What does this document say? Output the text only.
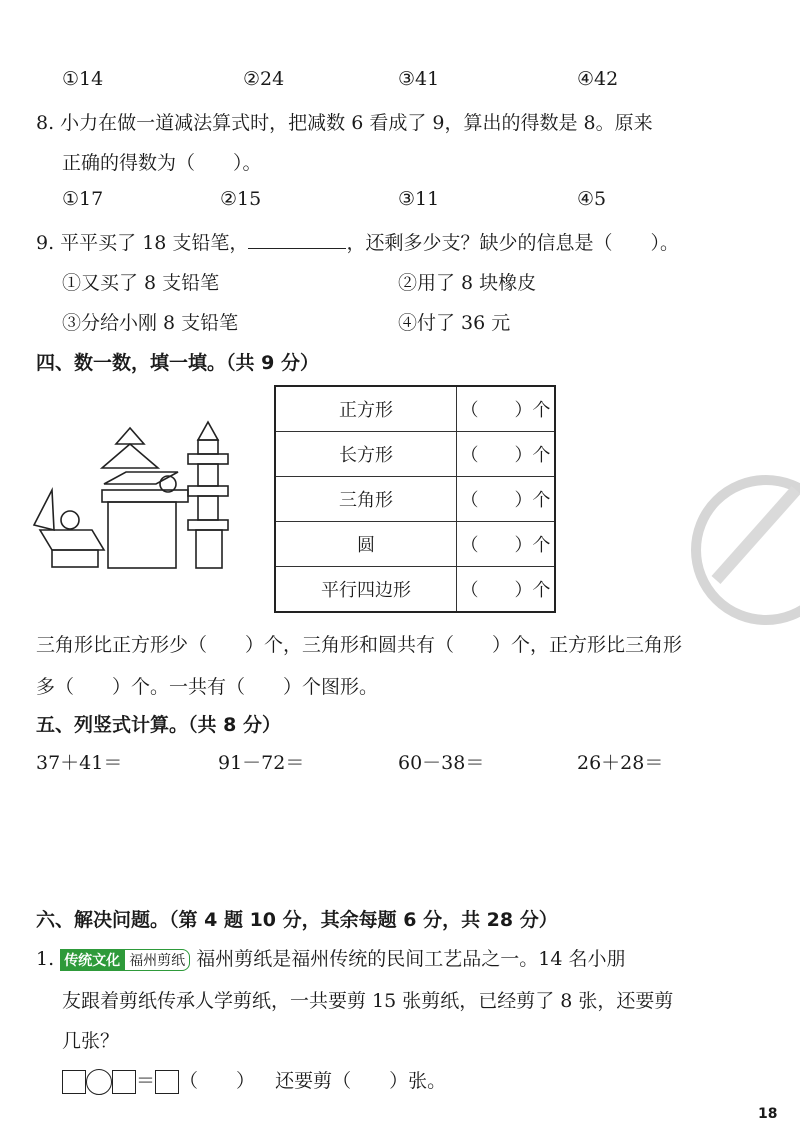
①14	②24	③41	④42
8. 小力在做一道减法算式时，把减数 6 看成了 9，算出的得数是 8。原来
正确的得数为（　　）。
①17	②15	③11	④5
9. 平平买了 18 支铅笔，	，还剩多少支？缺少的信息是（　　）。
①又买了 8 支铅笔	②用了 8 块橡皮
③分给小刚 8 支铅笔	④付了 36 元
四、数一数，填一填。（共 9 分）
正方形	（　　）个
长方形	（　　）个
三角形	（　　）个
圆	（　　）个
平行四边形	（　　）个
三角形比正方形少（　　）个，三角形和圆共有（　　）个，正方形比三角形
多（　　）个。一共有（　　）个图形。
五、列竖式计算。（共 8 分）
37＋41＝	91－72＝	60－38＝	26＋28＝
六、解决问题。（第 4 题 10 分，其余每题 6 分，共 28 分）
1. 传统文化 福州剪纸 福州剪纸是福州传统的民间工艺品之一。14 名小朋
友跟着剪纸传承人学剪纸，一共要剪 15 张剪纸，已经剪了 8 张，还要剪
几张？
＝ （　　） 还要剪（　　）张。
18
